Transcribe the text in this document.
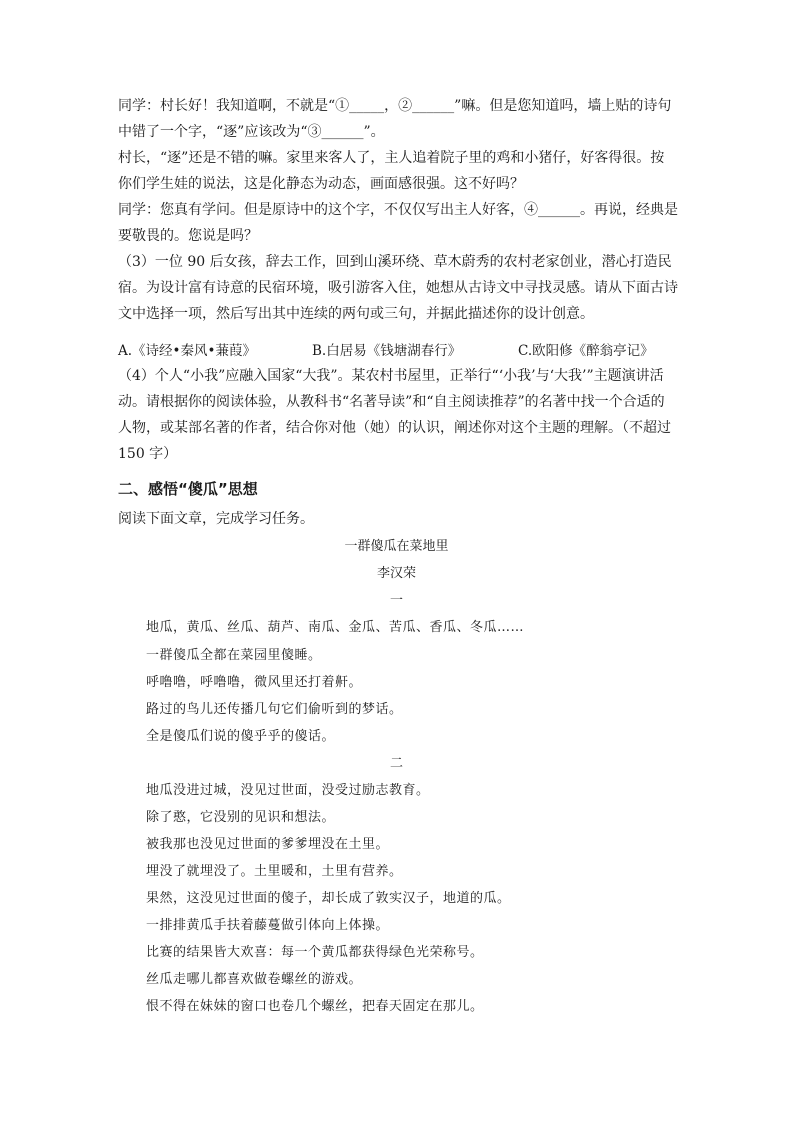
同学：村长好！我知道啊，不就是“①_____，②______”嘛。但是您知道吗，墙上贴的诗句中错了一个字，“逐”应该改为“③______”。

村长，“逐”还是不错的嘛。家里来客人了，主人追着院子里的鸡和小猪仔，好客得很。按你们学生娃的说法，这是化静态为动态，画面感很强。这不好吗？

同学：您真有学问。但是原诗中的这个字，不仅仅写出主人好客，④______。再说，经典是要敬畏的。您说是吗？

（3）一位 90 后女孩，辞去工作，回到山溪环绕、草木蔚秀的农村老家创业，潜心打造民宿。为设计富有诗意的民宿环境，吸引游客入住，她想从古诗文中寻找灵感。请从下面古诗文中选择一项，然后写出其中连续的两句或三句，并据此描述你的设计创意。

A.《诗经•秦风•蒹葭》	B.白居易《钱塘湖春行》	C.欧阳修《醉翁亭记》

（4）个人“小我”应融入国家“大我”。某农村书屋里，正举行“‘小我’与‘大我’”主题演讲活动。请根据你的阅读体验，从教科书“名著导读”和“自主阅读推荐”的名著中找一个合适的人物，或某部名著的作者，结合你对他（她）的认识，阐述你对这个主题的理解。（不超过 150 字）

二、感悟“傻瓜”思想

阅读下面文章，完成学习任务。

一群傻瓜在菜地里

李汉荣

一

地瓜，黄瓜、丝瓜、葫芦、南瓜、金瓜、苦瓜、香瓜、冬瓜……

一群傻瓜全都在菜园里傻睡。

呼噜噜，呼噜噜，微风里还打着鼾。

路过的鸟儿还传播几句它们偷听到的梦话。

全是傻瓜们说的傻乎乎的傻话。

二

地瓜没进过城，没见过世面，没受过励志教育。

除了憨，它没别的见识和想法。

被我那也没见过世面的爹爹埋没在土里。

埋没了就埋没了。土里暖和，土里有营养。

果然，这没见过世面的傻子，却长成了敦实汉子，地道的瓜。

一排排黄瓜手扶着藤蔓做引体向上体操。

比赛的结果皆大欢喜：每一个黄瓜都获得绿色光荣称号。

丝瓜走哪儿都喜欢做卷螺丝的游戏。

恨不得在妹妹的窗口也卷几个螺丝，把春天固定在那儿。
